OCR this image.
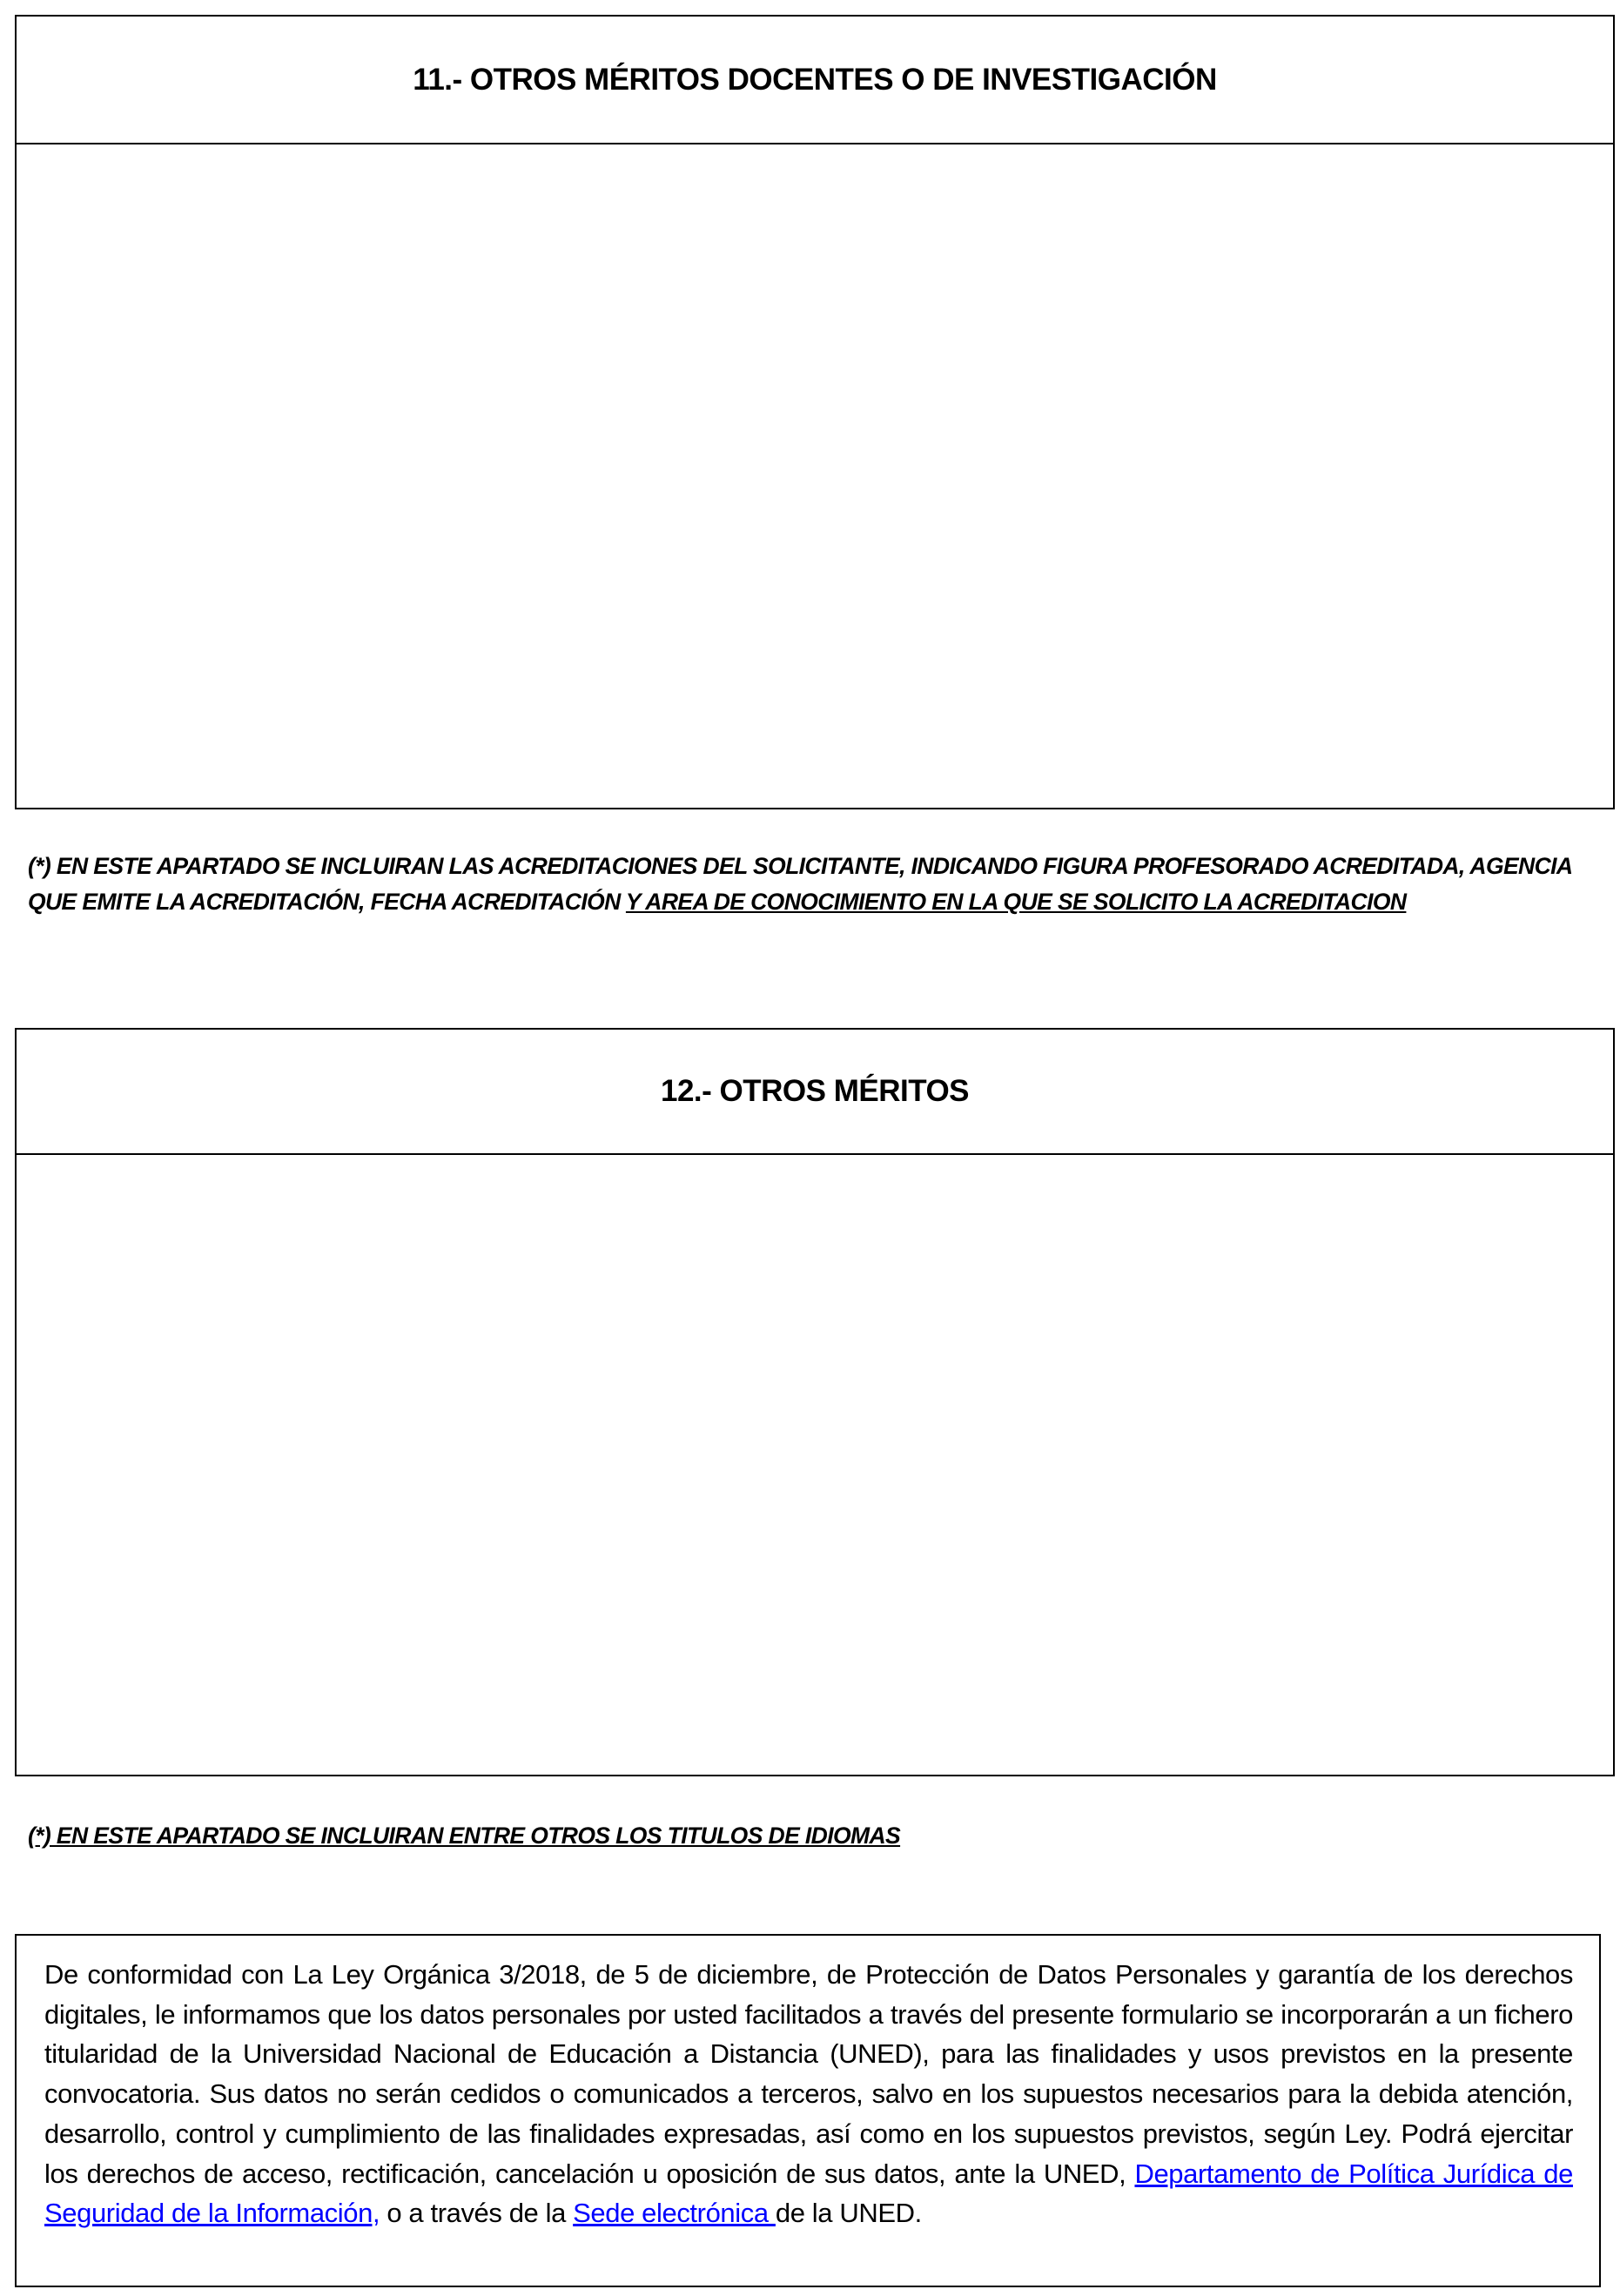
11.- OTROS MÉRITOS DOCENTES O DE INVESTIGACIÓN
(*) EN ESTE APARTADO SE INCLUIRAN LAS ACREDITACIONES DEL SOLICITANTE, INDICANDO FIGURA PROFESORADO ACREDITADA, AGENCIA QUE EMITE LA ACREDITACIÓN, FECHA ACREDITACIÓN Y AREA DE CONOCIMIENTO EN LA QUE SE SOLICITO LA ACREDITACION
12.- OTROS MÉRITOS
(*) EN ESTE APARTADO SE INCLUIRAN ENTRE OTROS LOS TITULOS DE IDIOMAS
De conformidad con La Ley Orgánica 3/2018, de 5 de diciembre, de Protección de Datos Personales y garantía de los derechos digitales, le informamos que los datos personales por usted facilitados a través del presente formulario se incorporarán a un fichero titularidad de la Universidad Nacional de Educación a Distancia (UNED), para las finalidades y usos previstos en la presente convocatoria. Sus datos no serán cedidos o comunicados a terceros, salvo en los supuestos necesarios para la debida atención, desarrollo, control y cumplimiento de las finalidades expresadas, así como en los supuestos previstos, según Ley. Podrá ejercitar los derechos de acceso, rectificación, cancelación u oposición de sus datos, ante la UNED, Departamento de Política Jurídica de Seguridad de la Información, o a través de la Sede electrónica de la UNED.
